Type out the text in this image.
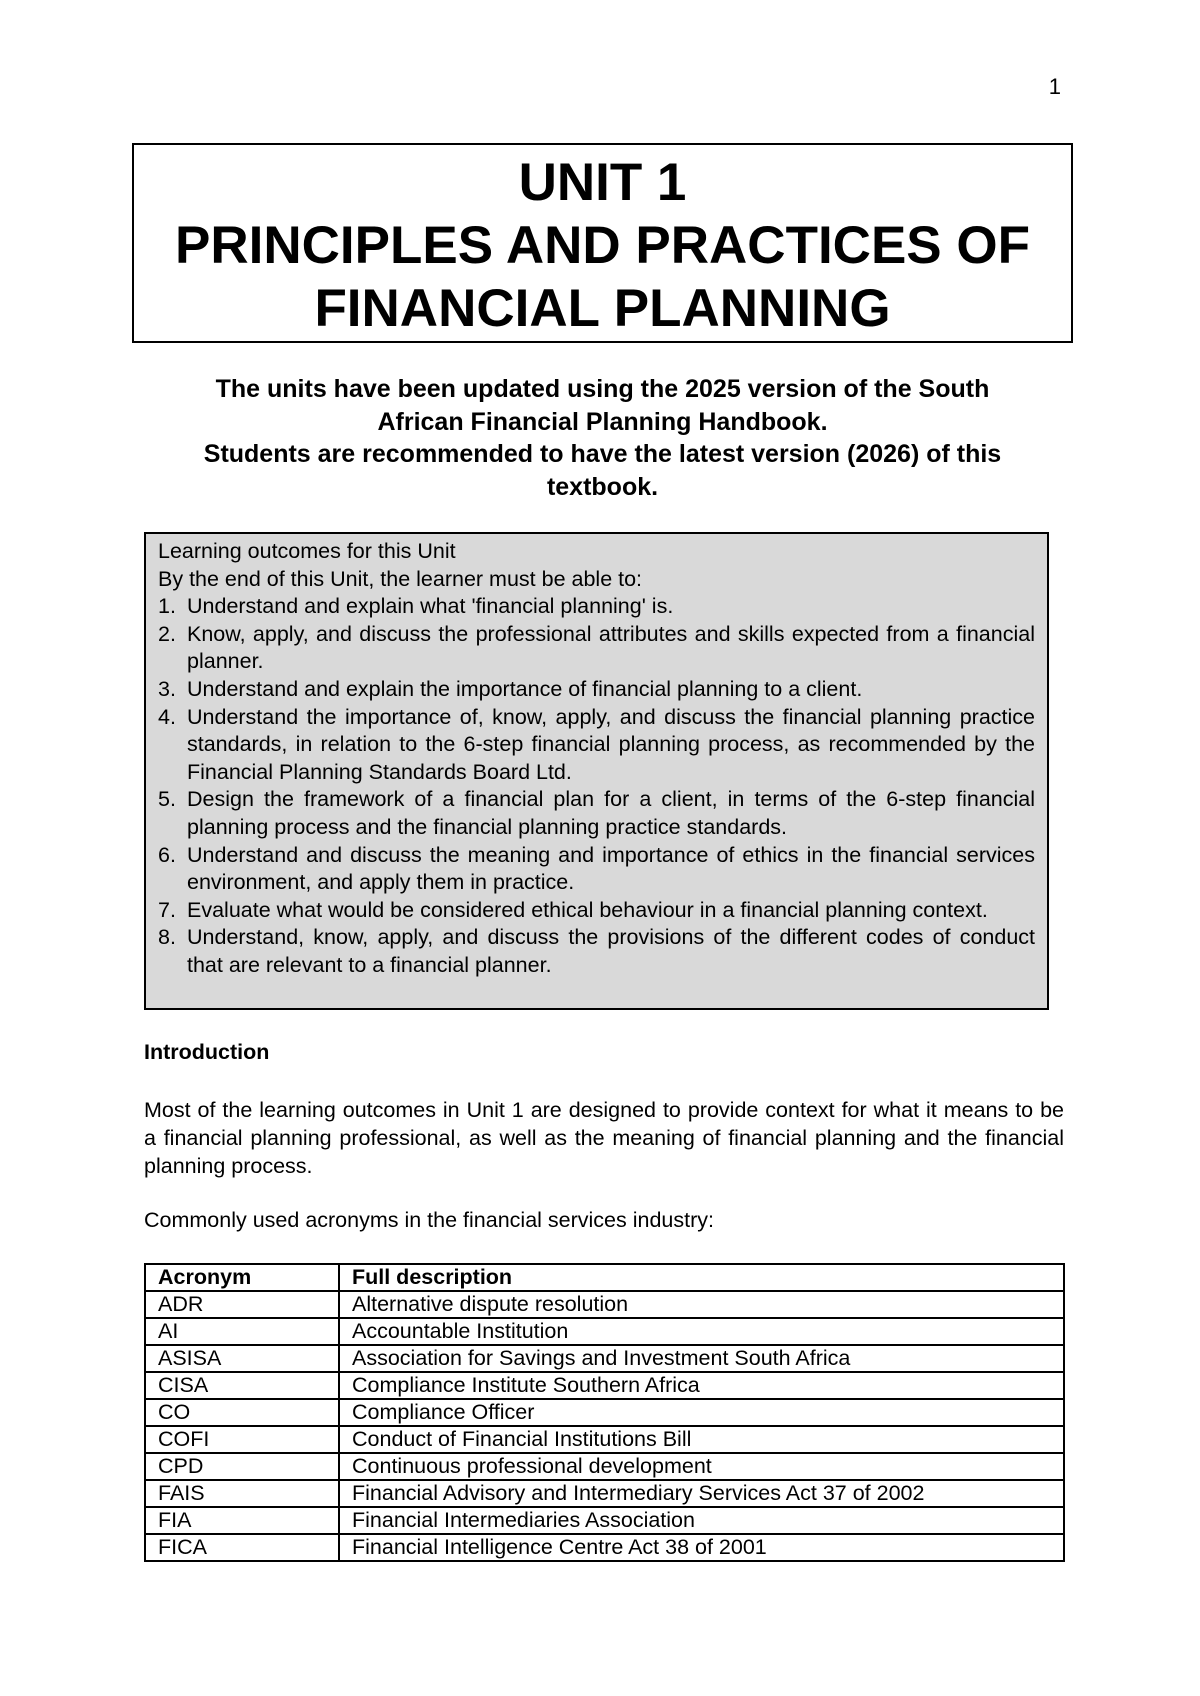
1
UNIT 1
PRINCIPLES AND PRACTICES OF
FINANCIAL PLANNING
The units have been updated using the 2025 version of the South
African Financial Planning Handbook.
Students are recommended to have the latest version (2026) of this
textbook.
Learning outcomes for this Unit
By the end of this Unit, the learner must be able to:
1. Understand and explain what 'financial planning' is.
2. Know, apply, and discuss the professional attributes and skills expected from a financial planner.
3. Understand and explain the importance of financial planning to a client.
4. Understand the importance of, know, apply, and discuss the financial planning practice standards, in relation to the 6-step financial planning process, as recommended by the Financial Planning Standards Board Ltd.
5. Design the framework of a financial plan for a client, in terms of the 6-step financial planning process and the financial planning practice standards.
6. Understand and discuss the meaning and importance of ethics in the financial services environment, and apply them in practice.
7. Evaluate what would be considered ethical behaviour in a financial planning context.
8. Understand, know, apply, and discuss the provisions of the different codes of conduct that are relevant to a financial planner.
Introduction
Most of the learning outcomes in Unit 1 are designed to provide context for what it means to be a financial planning professional, as well as the meaning of financial planning and the financial planning process.
Commonly used acronyms in the financial services industry:
Acronym	Full description
ADR	Alternative dispute resolution
AI	Accountable Institution
ASISA	Association for Savings and Investment South Africa
CISA	Compliance Institute Southern Africa
CO	Compliance Officer
COFI	Conduct of Financial Institutions Bill
CPD	Continuous professional development
FAIS	Financial Advisory and Intermediary Services Act 37 of 2002
FIA	Financial Intermediaries Association
FICA	Financial Intelligence Centre Act 38 of 2001
